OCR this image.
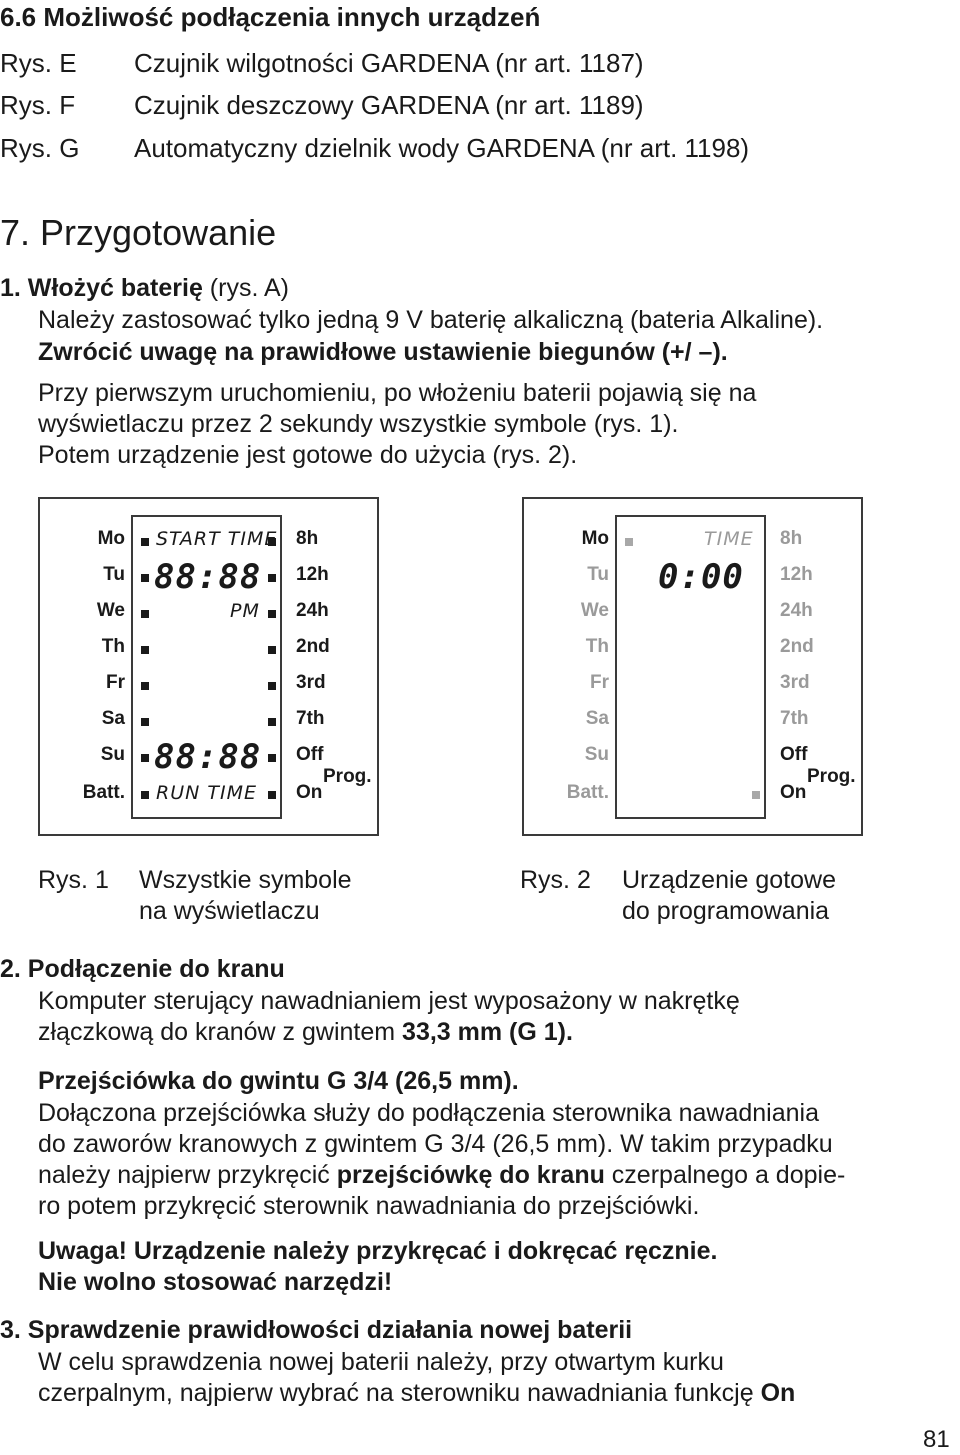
6.6 Możliwość podłączenia innych urządzeń
Rys. E Czujnik wilgotności GARDENA (nr art. 1187)
Rys. F Czujnik deszczowy GARDENA (nr art. 1189)
Rys. G Automatyczny dzielnik wody GARDENA (nr art. 1198)
7. Przygotowanie
1. Włożyć baterię (rys. A)
Należy zastosować tylko jedną 9 V baterię alkaliczną (bateria Alkaline).
Zwrócić uwagę na prawidłowe ustawienie biegunów (+/ –).
Przy pierwszym uruchomieniu, po włożeniu baterii pojawią się na
wyświetlaczu przez 2 sekundy wszystkie symbole (rys. 1).
Potem urządzenie jest gotowe do użycia (rys. 2).
Mo
Tu
We
Th
Fr
Sa
Su
Batt.
START TIME
88:88
PM
88:88
RUN TIME
8h
12h
24h
2nd
3rd
7th
Off
On
Prog.
Mo
Tu
We
Th
Fr
Sa
Su
Batt.
TIME
0:00
8h
12h
24h
2nd
3rd
7th
Off
On
Prog.
Rys. 1 Wszystkie symbole
na wyświetlaczu
Rys. 2 Urządzenie gotowe
do programowania
2. Podłączenie do kranu
Komputer sterujący nawadnianiem jest wyposażony w nakrętkę
złączkową do kranów z gwintem 33,3 mm (G 1).
Przejściówka do gwintu G 3/4 (26,5 mm).
Dołączona przejściówka służy do podłączenia sterownika nawadniania
do zaworów kranowych z gwintem G 3/4 (26,5 mm). W takim przypadku
należy najpierw przykręcić przejściówkę do kranu czerpalnego a dopie-
ro potem przykręcić sterownik nawadniania do przejściówki.
Uwaga! Urządzenie należy przykręcać i dokręcać ręcznie.
Nie wolno stosować narzędzi!
3. Sprawdzenie prawidłowości działania nowej baterii
W celu sprawdzenia nowej baterii należy, przy otwartym kurku
czerpalnym, najpierw wybrać na sterowniku nawadniania funkcję On
81
